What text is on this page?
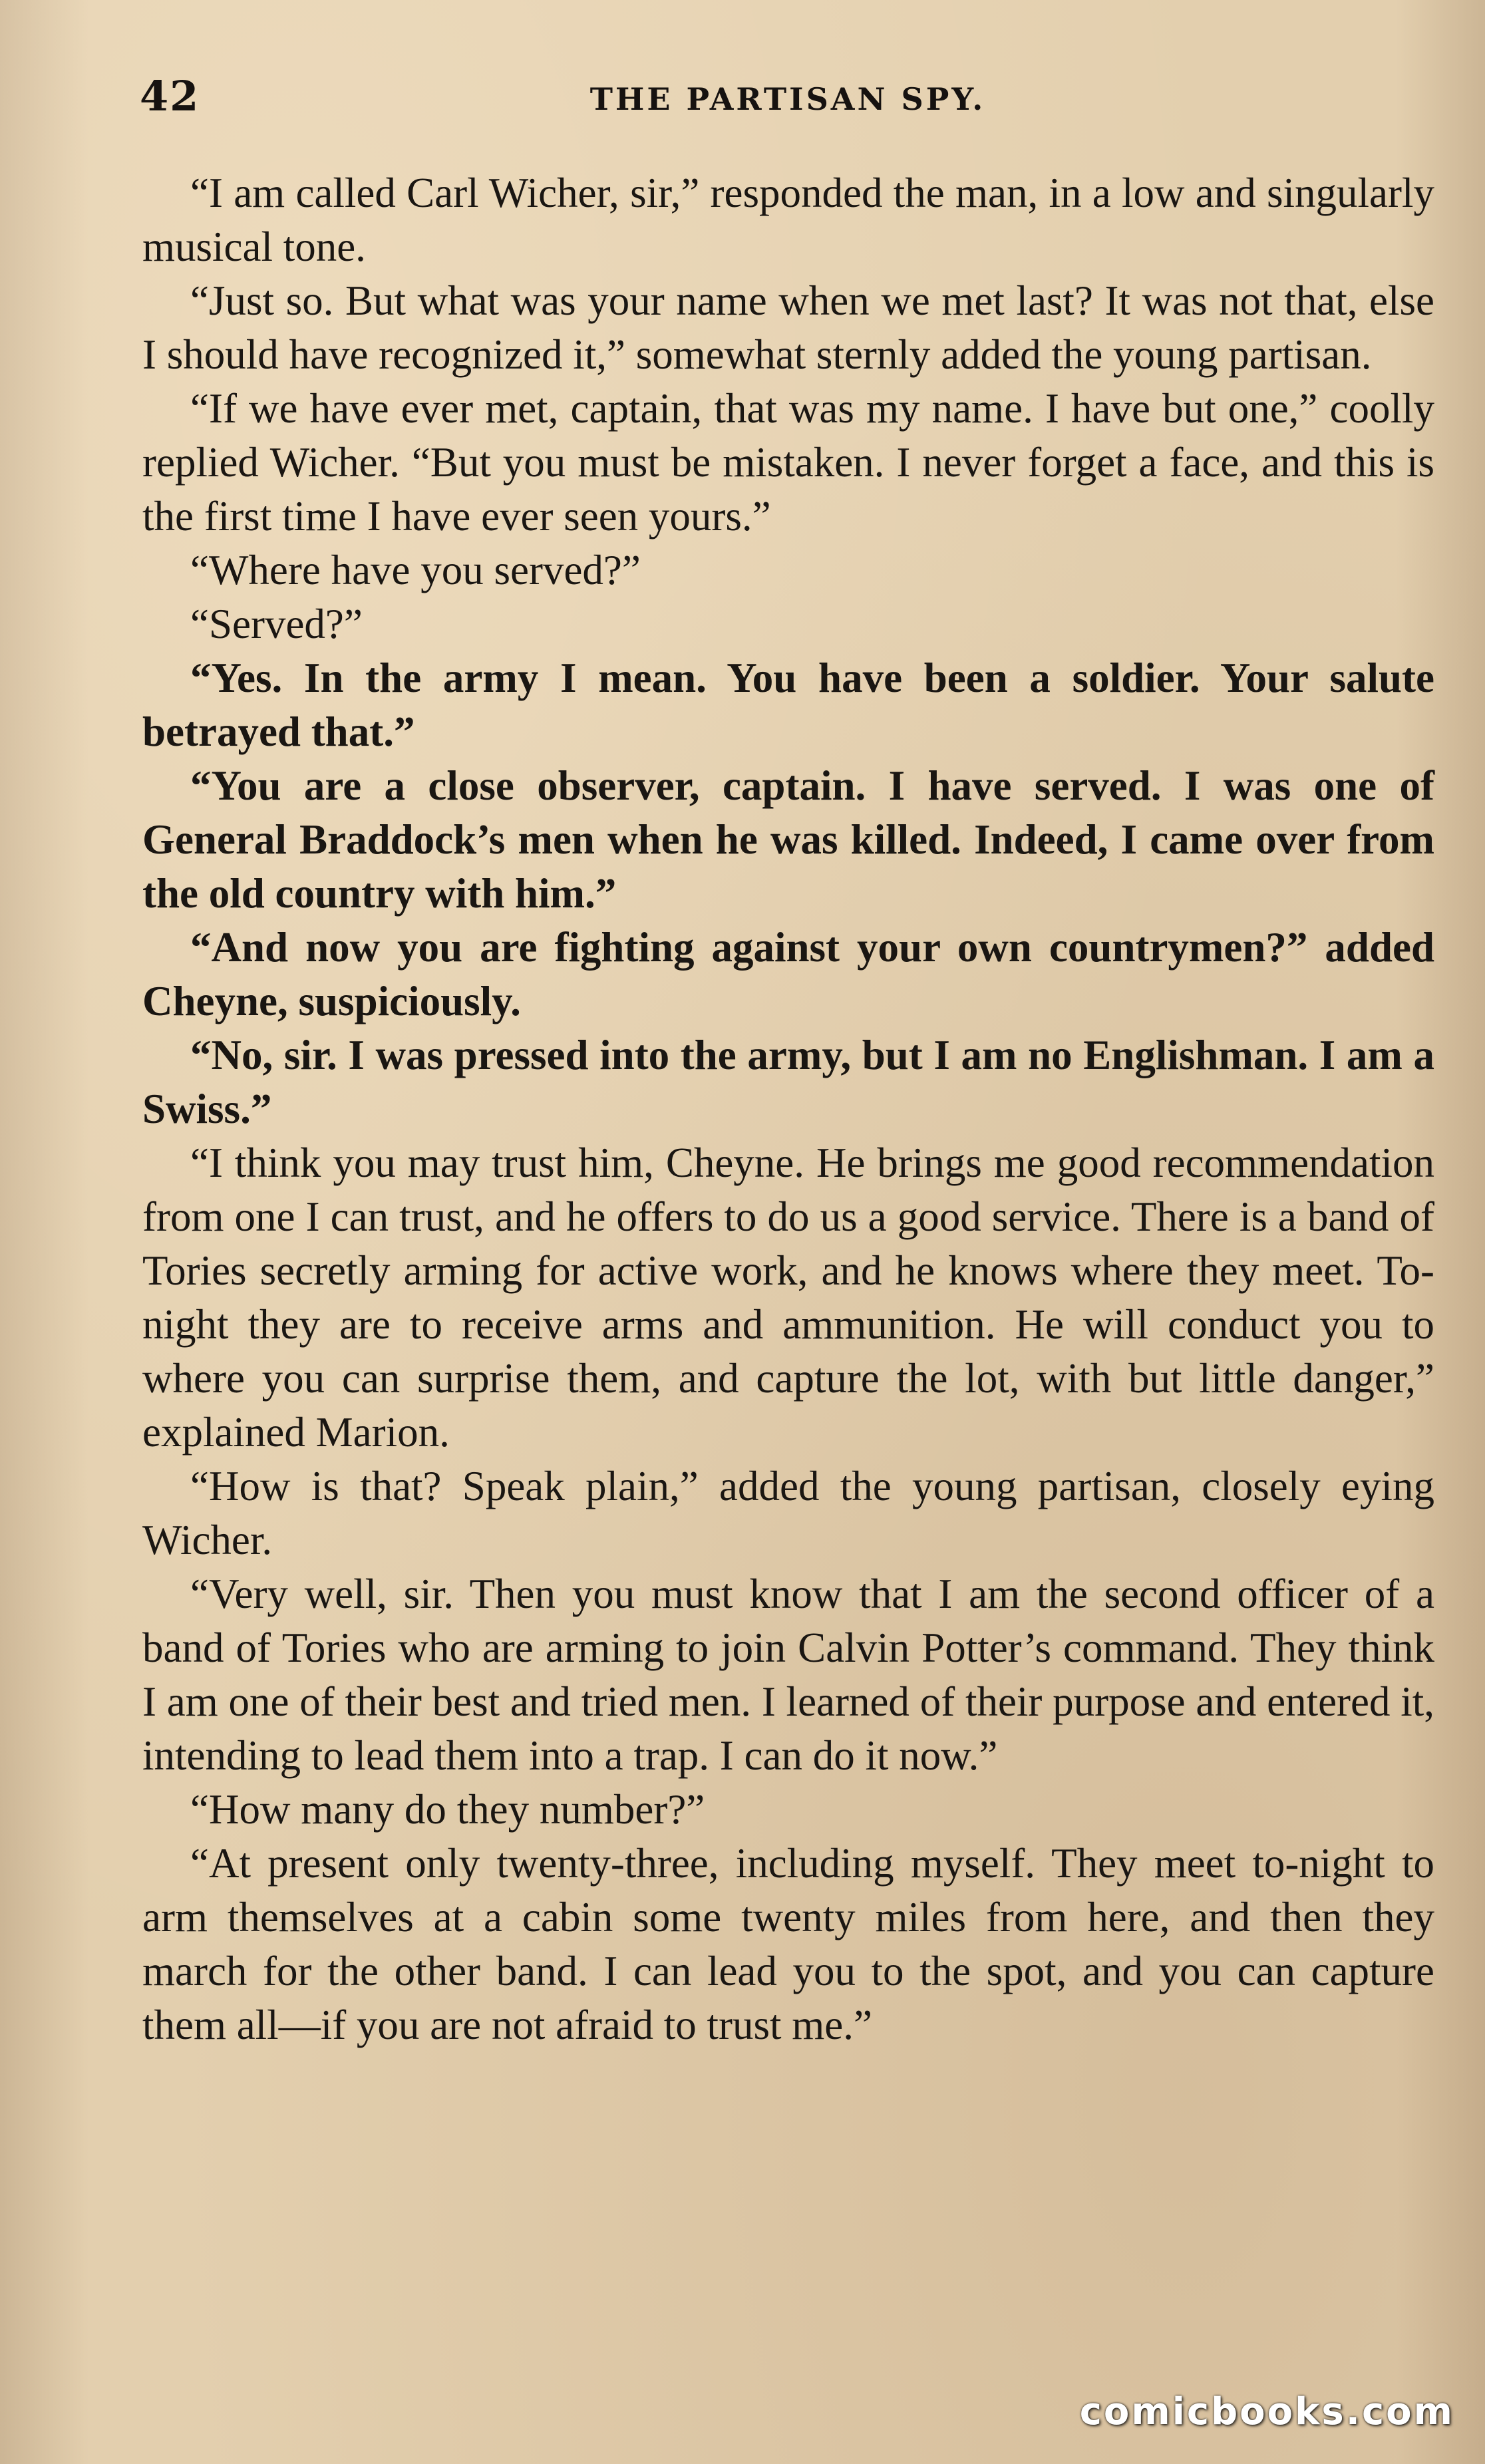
42	THE PARTISAN SPY.

“I am called Carl Wicher, sir,” responded the man, in a low and singularly musical tone.

“Just so. But what was your name when we met last? It was not that, else I should have recognized it,” somewhat sternly added the young partisan.

“If we have ever met, captain, that was my name. I have but one,” coolly replied Wicher. “But you must be mistaken. I never forget a face, and this is the first time I have ever seen yours.”

“Where have you served?”

“Served?”

“Yes. In the army I mean. You have been a soldier. Your salute betrayed that.”

“You are a close observer, captain. I have served. I was one of General Braddock’s men when he was killed. Indeed, I came over from the old country with him.”

“And now you are fighting against your own countrymen?” added Cheyne, suspiciously.

“No, sir. I was pressed into the army, but I am no Englishman. I am a Swiss.”

“I think you may trust him, Cheyne. He brings me good recommendation from one I can trust, and he offers to do us a good service. There is a band of Tories secretly arming for active work, and he knows where they meet. To-night they are to receive arms and ammunition. He will conduct you to where you can surprise them, and capture the lot, with but little danger,” explained Marion.

“How is that? Speak plain,” added the young partisan, closely eying Wicher.

“Very well, sir. Then you must know that I am the second officer of a band of Tories who are arming to join Calvin Potter’s command. They think I am one of their best and tried men. I learned of their purpose and entered it, intending to lead them into a trap. I can do it now.”

“How many do they number?”

“At present only twenty-three, including myself. They meet to-night to arm themselves at a cabin some twenty miles from here, and then they march for the other band. I can lead you to the spot, and you can capture them all—if you are not afraid to trust me.”

comicbooks.com
